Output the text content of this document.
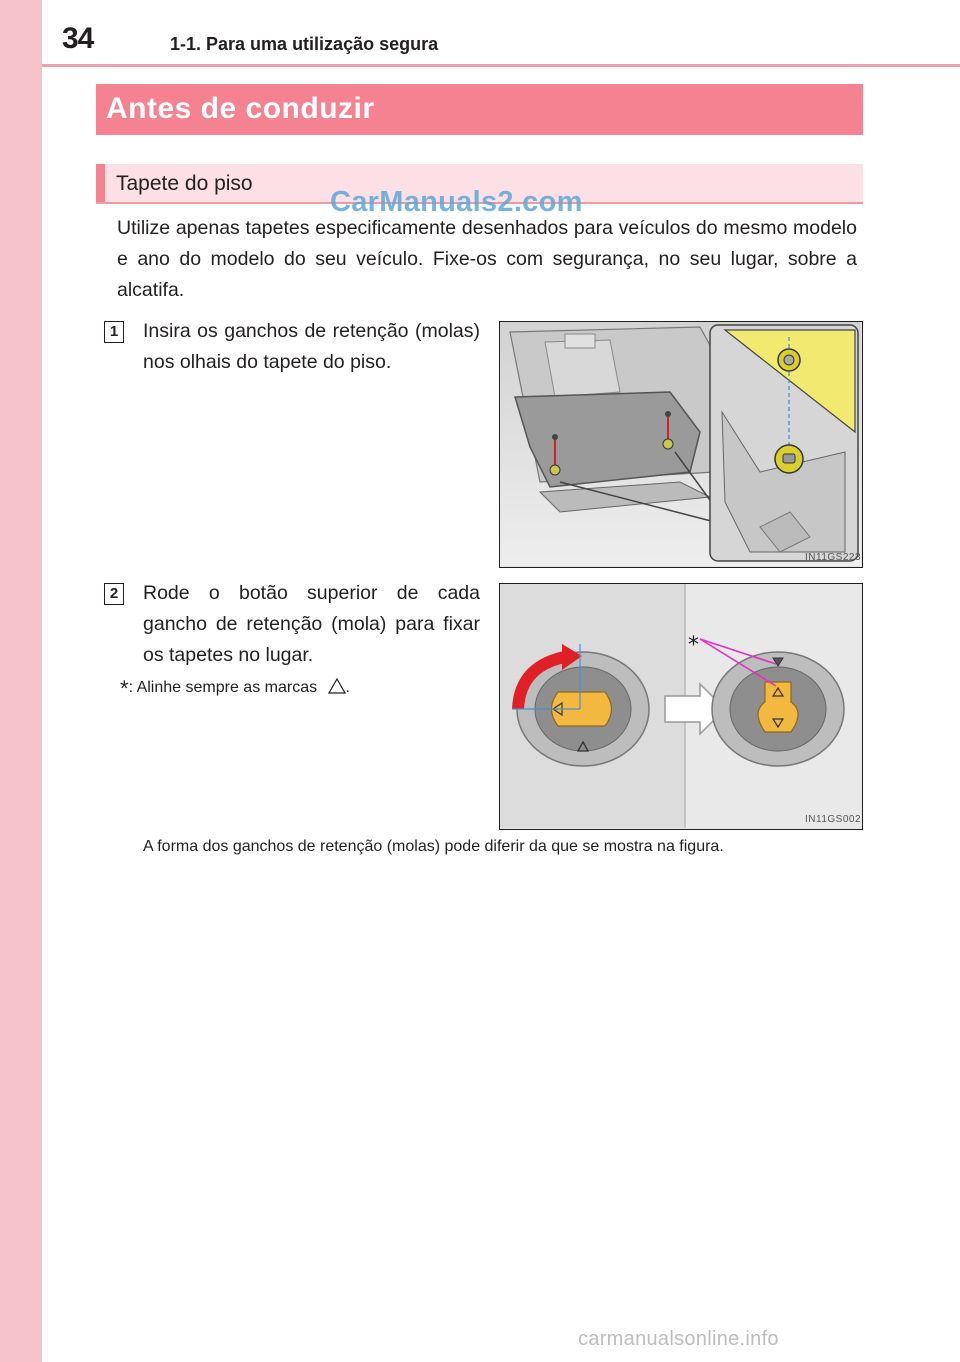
34	1-1. Para uma utilização segura
Antes de conduzir
Tapete do piso
CarManuals2.com
Utilize apenas tapetes especificamente desenhados para veículos do mesmo modelo e ano do modelo do seu veículo. Fixe-os com segurança, no seu lugar, sobre a alcatifa.
1 Insira os ganchos de retenção (molas) nos olhais do tapete do piso.
IN11GS223
2 Rode o botão superior de cada gancho de retenção (mola) para fixar os tapetes no lugar.	*
IN11GS002
*: Alinhe sempre as marcas .
A forma dos ganchos de retenção (molas) pode diferir da que se mostra na figura.
carmanualsonline.info
